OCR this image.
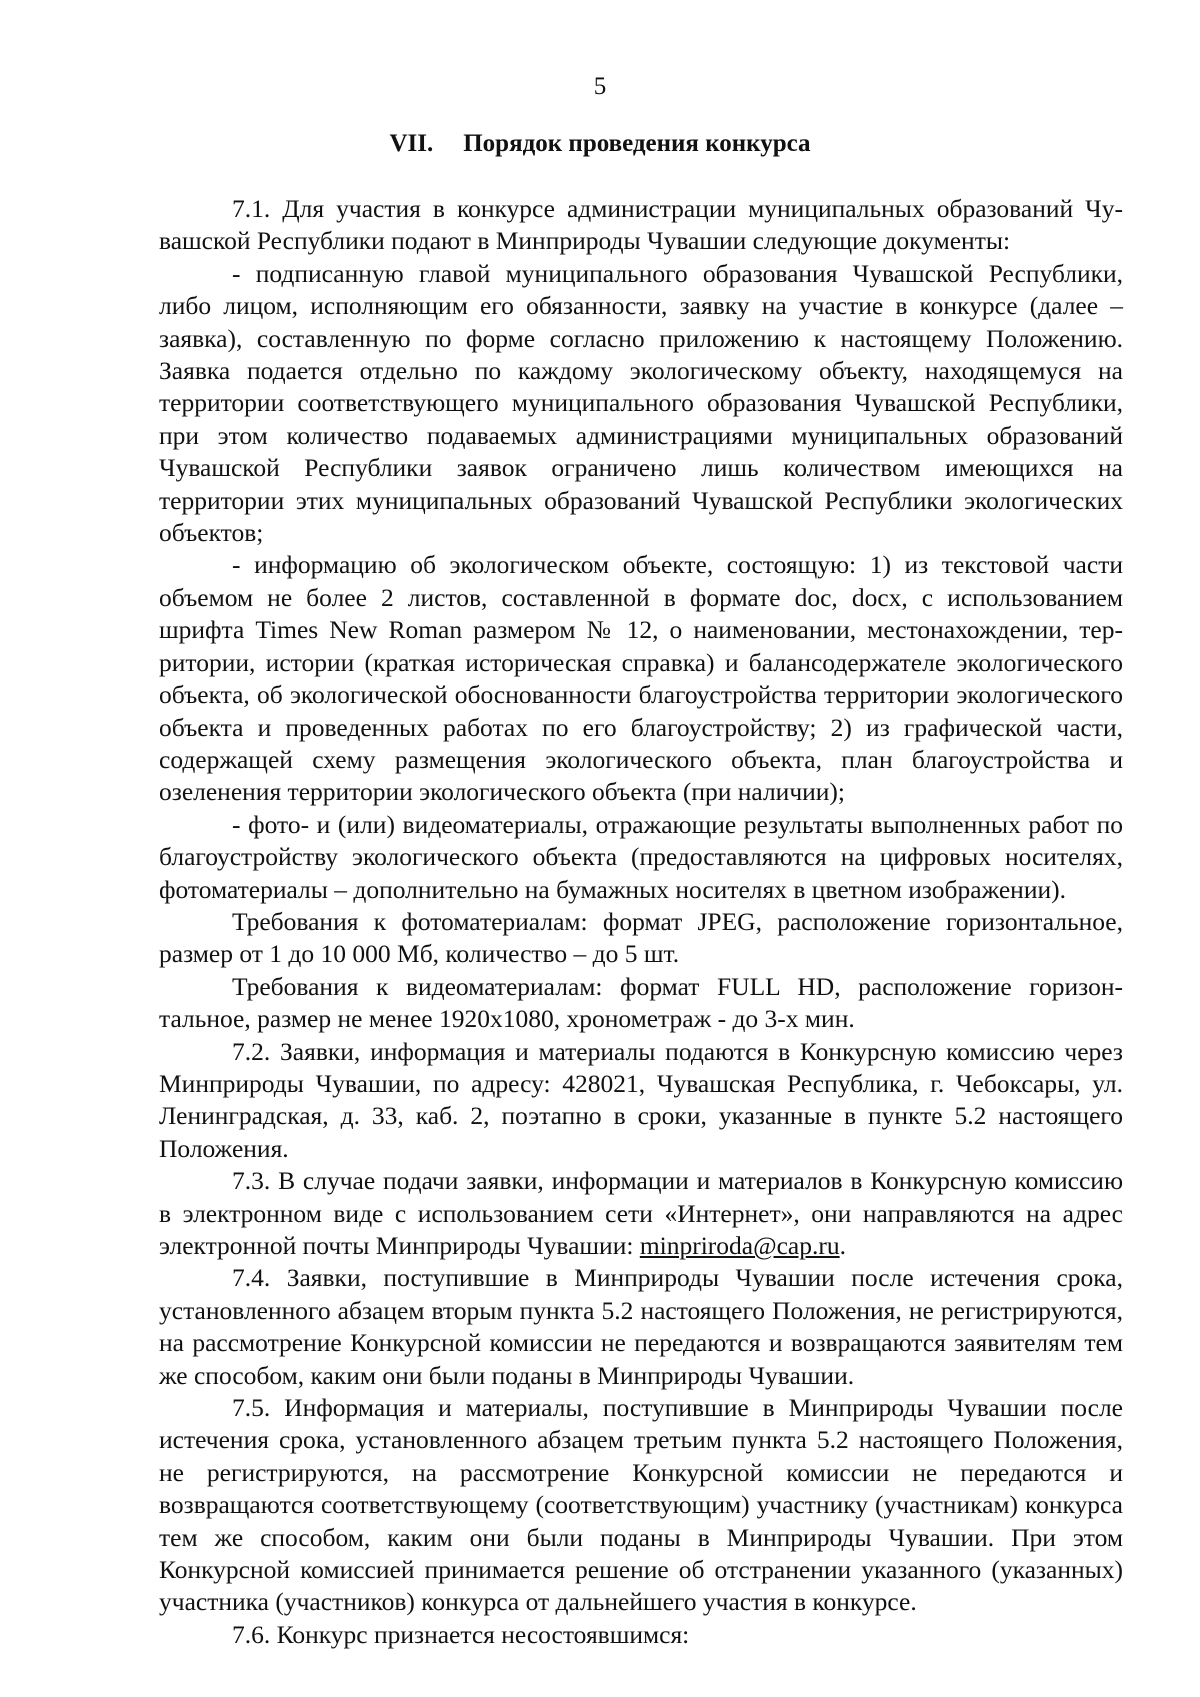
5
VII. Порядок проведения конкурса

7.1. Для участия в конкурсе администрации муниципальных образований Чувашской Республики подают в Минприроды Чувашии следующие документы:

- подписанную главой муниципального образования Чувашской Республики, либо лицом, исполняющим его обязанности, заявку на участие в конкурсе (далее – заявка), составленную по форме согласно приложению к настоящему Положению. Заявка подается отдельно по каждому экологическому объекту, находящемуся на территории соответствующего муниципального образования Чувашской Республики, при этом количество подаваемых администрациями муниципальных образований Чувашской Республики заявок ограничено лишь количеством имеющихся на территории этих муниципальных образований Чувашской Республики экологических объектов;

- информацию об экологическом объекте, состоящую: 1) из текстовой части объемом не более 2 листов, составленной в формате doc, docx, с использованием шрифта Times New Roman размером № 12, о наименовании, местонахождении, территории, истории (краткая историческая справка) и балансодержателе экологического объекта, об экологической обоснованности благоустройства территории экологического объекта и проведенных работах по его благоустройству; 2) из графической части, содержащей схему размещения экологического объекта, план благоустройства и озеленения территории экологического объекта (при наличии);

- фото- и (или) видеоматериалы, отражающие результаты выполненных работ по благоустройству экологического объекта (предоставляются на цифровых носителях, фотоматериалы – дополнительно на бумажных носителях в цветном изображении).

Требования к фотоматериалам: формат JPEG, расположение горизонтальное, размер от 1 до 10 000 Мб, количество – до 5 шт.

Требования к видеоматериалам: формат FULL HD, расположение горизонтальное, размер не менее 1920x1080, хронометраж - до 3-х мин.

7.2. Заявки, информация и материалы подаются в Конкурсную комиссию через Минприроды Чувашии, по адресу: 428021, Чувашская Республика, г. Чебоксары, ул. Ленинградская, д. 33, каб. 2, поэтапно в сроки, указанные в пункте 5.2 настоящего Положения.

7.3. В случае подачи заявки, информации и материалов в Конкурсную комиссию в электронном виде с использованием сети «Интернет», они направляются на адрес электронной почты Минприроды Чувашии: minpriroda@cap.ru.

7.4. Заявки, поступившие в Минприроды Чувашии после истечения срока, установленного абзацем вторым пункта 5.2 настоящего Положения, не регистрируются, на рассмотрение Конкурсной комиссии не передаются и возвращаются заявителям тем же способом, каким они были поданы в Минприроды Чувашии.

7.5. Информация и материалы, поступившие в Минприроды Чувашии после истечения срока, установленного абзацем третьим пункта 5.2 настоящего Положения, не регистрируются, на рассмотрение Конкурсной комиссии не передаются и возвращаются соответствующему (соответствующим) участнику (участникам) конкурса тем же способом, каким они были поданы в Минприроды Чувашии. При этом Конкурсной комиссией принимается решение об отстранении указанного (указанных) участника (участников) конкурса от дальнейшего участия в конкурсе.

7.6. Конкурс признается несостоявшимся:
